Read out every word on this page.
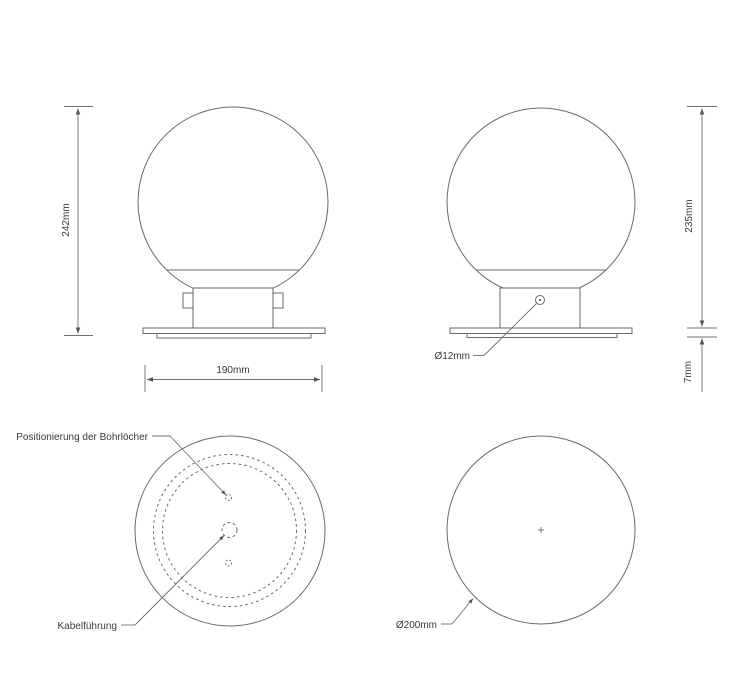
242mm
190mm
Ø12mm
235mm
7mm
Positionierung der Bohrlöcher
Kabelführung	Ø200mm
